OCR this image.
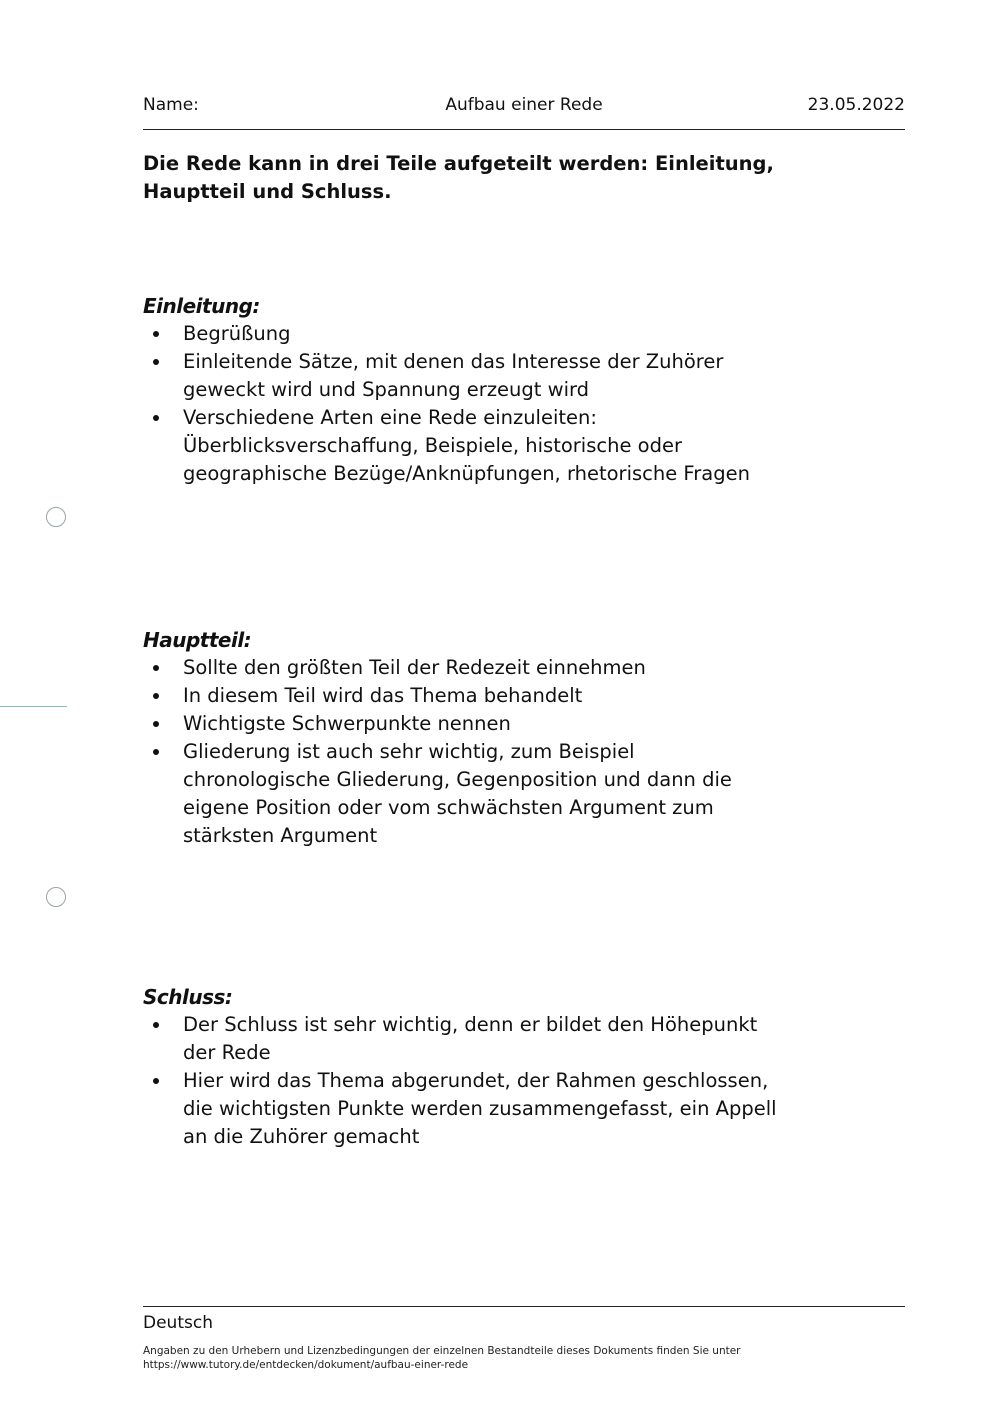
Name:	Aufbau einer Rede	23.05.2022
Die Rede kann in drei Teile aufgeteilt werden: Einleitung, Hauptteil und Schluss.
Einleitung:
Begrüßung
Einleitende Sätze, mit denen das Interesse der Zuhörer geweckt wird und Spannung erzeugt wird
Verschiedene Arten eine Rede einzuleiten: Überblicksverschaffung, Beispiele, historische oder geographische Bezüge/Anknüpfungen, rhetorische Fragen
Hauptteil:
Sollte den größten Teil der Redezeit einnehmen
In diesem Teil wird das Thema behandelt
Wichtigste Schwerpunkte nennen
Gliederung ist auch sehr wichtig, zum Beispiel chronologische Gliederung, Gegenposition und dann die eigene Position oder vom schwächsten Argument zum stärksten Argument
Schluss:
Der Schluss ist sehr wichtig, denn er bildet den Höhepunkt der Rede
Hier wird das Thema abgerundet, der Rahmen geschlossen, die wichtigsten Punkte werden zusammengefasst, ein Appell an die Zuhörer gemacht
Deutsch
Angaben zu den Urhebern und Lizenzbedingungen der einzelnen Bestandteile dieses Dokuments finden Sie unter https://www.tutory.de/entdecken/dokument/aufbau-einer-rede
